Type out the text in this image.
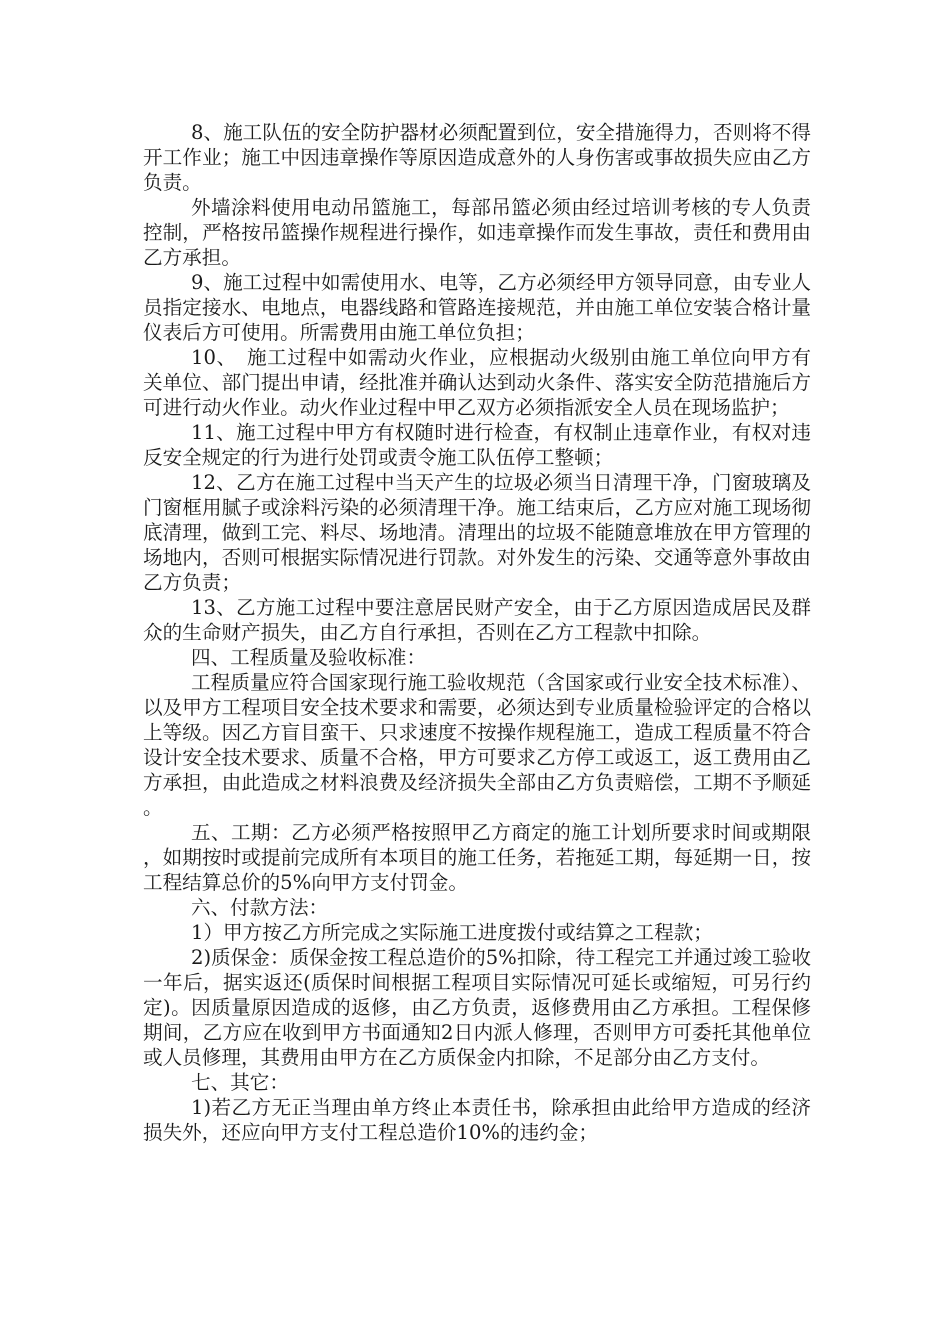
8、施工队伍的安全防护器材必须配置到位，安全措施得力，否则将不得开工作业；施工中因违章操作等原因造成意外的人身伤害或事故损失应由乙方负责。

外墙涂料使用电动吊篮施工，每部吊篮必须由经过培训考核的专人负责控制，严格按吊篮操作规程进行操作，如违章操作而发生事故，责任和费用由乙方承担。

9、施工过程中如需使用水、电等，乙方必须经甲方领导同意，由专业人员指定接水、电地点，电器线路和管路连接规范，并由施工单位安装合格计量仪表后方可使用。所需费用由施工单位负担；

10、　施工过程中如需动火作业，应根据动火级别由施工单位向甲方有关单位、部门提出申请，经批准并确认达到动火条件、落实安全防范措施后方可进行动火作业。动火作业过程中甲乙双方必须指派安全人员在现场监护；

11、施工过程中甲方有权随时进行检查，有权制止违章作业，有权对违反安全规定的行为进行处罚或责令施工队伍停工整顿；

12、乙方在施工过程中当天产生的垃圾必须当日清理干净，门窗玻璃及门窗框用腻子或涂料污染的必须清理干净。施工结束后，乙方应对施工现场彻底清理，做到工完、料尽、场地清。清理出的垃圾不能随意堆放在甲方管理的场地内，否则可根据实际情况进行罚款。对外发生的污染、交通等意外事故由乙方负责；

13、乙方施工过程中要注意居民财产安全，由于乙方原因造成居民及群众的生命财产损失，由乙方自行承担，否则在乙方工程款中扣除。

四、工程质量及验收标准：

工程质量应符合国家现行施工验收规范（含国家或行业安全技术标准）、以及甲方工程项目安全技术要求和需要，必须达到专业质量检验评定的合格以上等级。因乙方盲目蛮干、只求速度不按操作规程施工，造成工程质量不符合设计安全技术要求、质量不合格，甲方可要求乙方停工或返工，返工费用由乙方承担，由此造成之材料浪费及经济损失全部由乙方负责赔偿，工期不予顺延。

五、工期：乙方必须严格按照甲乙方商定的施工计划所要求时间或期限，如期按时或提前完成所有本项目的施工任务，若拖延工期，每延期一日，按工程结算总价的5%向甲方支付罚金。

六、付款方法：

1）甲方按乙方所完成之实际施工进度拨付或结算之工程款；

2)质保金：质保金按工程总造价的5%扣除，待工程完工并通过竣工验收一年后，据实返还(质保时间根据工程项目实际情况可延长或缩短，可另行约定)。因质量原因造成的返修，由乙方负责，返修费用由乙方承担。工程保修期间，乙方应在收到甲方书面通知2日内派人修理，否则甲方可委托其他单位或人员修理，其费用由甲方在乙方质保金内扣除，不足部分由乙方支付。

七、其它：

1)若乙方无正当理由单方终止本责任书，除承担由此给甲方造成的经济损失外，还应向甲方支付工程总造价10%的违约金；
